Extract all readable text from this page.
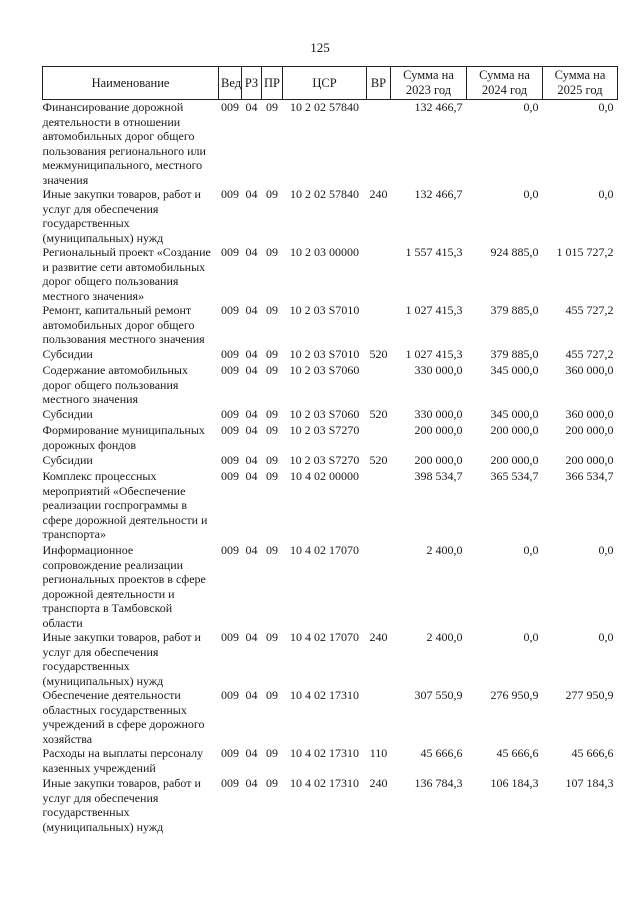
125
Наименование	Вед	РЗ	ПР	ЦСР	ВР	Сумма на 2023 год	Сумма на 2024 год	Сумма на 2025 год
Финансирование дорожной деятельности в отношении автомобильных дорог общего пользования регионального или межмуниципального, местного значения	009	04	09	10 2 02 57840		132 466,7	0,0	0,0
Иные закупки товаров, работ и услуг для обеспечения государственных (муниципальных) нужд	009	04	09	10 2 02 57840	240	132 466,7	0,0	0,0
Региональный проект «Создание и развитие сети автомобильных дорог общего пользования местного значения»	009	04	09	10 2 03 00000		1 557 415,3	924 885,0	1 015 727,2
Ремонт, капитальный ремонт автомобильных дорог общего пользования местного значения	009	04	09	10 2 03 S7010		1 027 415,3	379 885,0	455 727,2
Субсидии	009	04	09	10 2 03 S7010	520	1 027 415,3	379 885,0	455 727,2
Содержание автомобильных дорог общего пользования местного значения	009	04	09	10 2 03 S7060		330 000,0	345 000,0	360 000,0
Субсидии	009	04	09	10 2 03 S7060	520	330 000,0	345 000,0	360 000,0
Формирование муниципальных дорожных фондов	009	04	09	10 2 03 S7270		200 000,0	200 000,0	200 000,0
Субсидии	009	04	09	10 2 03 S7270	520	200 000,0	200 000,0	200 000,0
Комплекс процессных мероприятий «Обеспечение реализации госпрограммы в сфере дорожной деятельности и транспорта»	009	04	09	10 4 02 00000		398 534,7	365 534,7	366 534,7
Информационное сопровождение реализации региональных проектов в сфере дорожной деятельности и транспорта в Тамбовской области	009	04	09	10 4 02 17070		2 400,0	0,0	0,0
Иные закупки товаров, работ и услуг для обеспечения государственных (муниципальных) нужд	009	04	09	10 4 02 17070	240	2 400,0	0,0	0,0
Обеспечение деятельности областных государственных учреждений в сфере дорожного хозяйства	009	04	09	10 4 02 17310		307 550,9	276 950,9	277 950,9
Расходы на выплаты персоналу казенных учреждений	009	04	09	10 4 02 17310	110	45 666,6	45 666,6	45 666,6
Иные закупки товаров, работ и услуг для обеспечения государственных (муниципальных) нужд	009	04	09	10 4 02 17310	240	136 784,3	106 184,3	107 184,3
